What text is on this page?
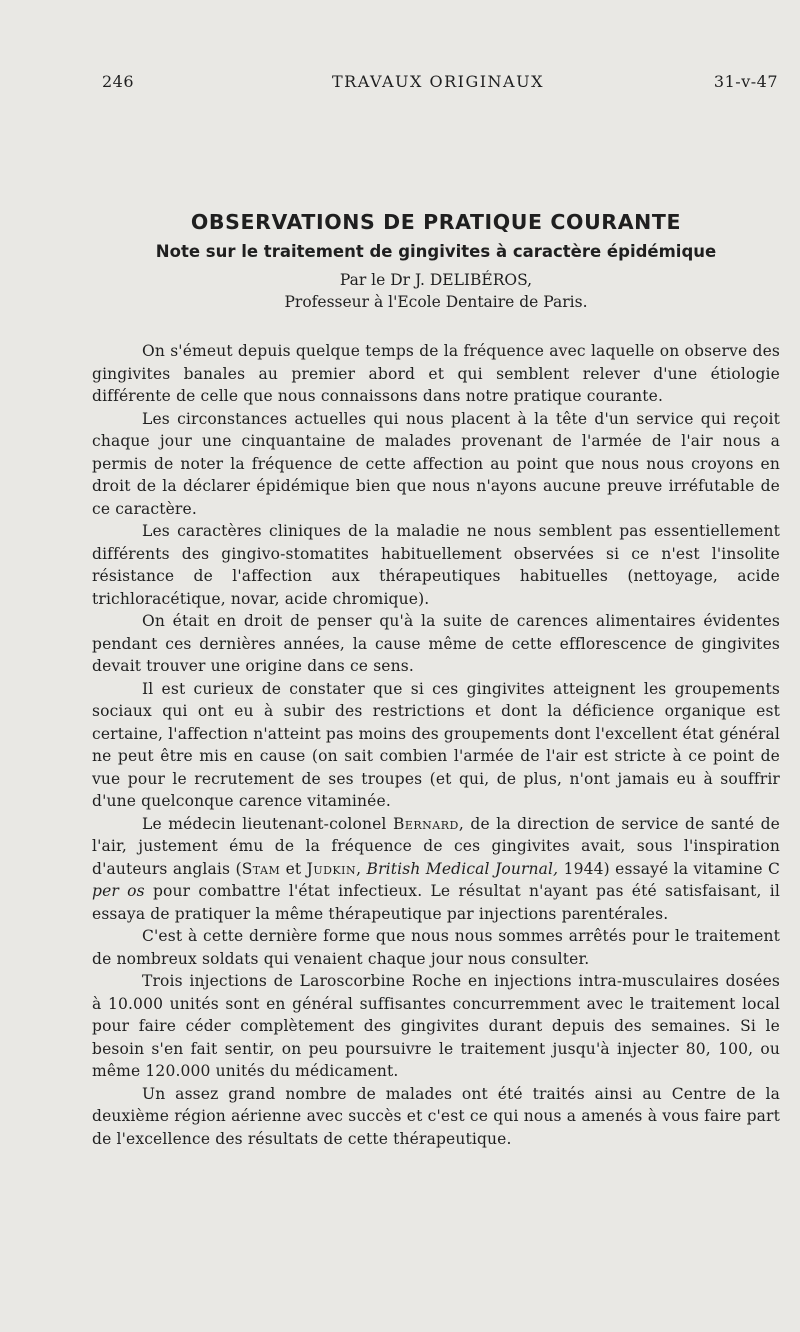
246	TRAVAUX ORIGINAUX	31-v-47
OBSERVATIONS DE PRATIQUE COURANTE
Note sur le traitement de gingivites à caractère épidémique
Par le Dr J. DELIBÉROS,
Professeur à l'Ecole Dentaire de Paris.

On s'émeut depuis quelque temps de la fréquence avec laquelle on observe des gingivites banales au premier abord et qui semblent relever d'une étiologie différente de celle que nous connaissons dans notre pratique courante.

Les circonstances actuelles qui nous placent à la tête d'un service qui reçoit chaque jour une cinquantaine de malades provenant de l'armée de l'air nous a permis de noter la fréquence de cette affection au point que nous nous croyons en droit de la déclarer épidémique bien que nous n'ayons aucune preuve irréfutable de ce caractère.

Les caractères cliniques de la maladie ne nous semblent pas essentiellement différents des gingivo-stomatites habituellement observées si ce n'est l'insolite résistance de l'affection aux thérapeutiques habituelles (nettoyage, acide trichloracétique, novar, acide chromique).

On était en droit de penser qu'à la suite de carences alimentaires évidentes pendant ces dernières années, la cause même de cette efflorescence de gingivites devait trouver une origine dans ce sens.

Il est curieux de constater que si ces gingivites atteignent les groupements sociaux qui ont eu à subir des restrictions et dont la déficience organique est certaine, l'affection n'atteint pas moins des groupements dont l'excellent état général ne peut être mis en cause (on sait combien l'armée de l'air est stricte à ce point de vue pour le recrutement de ses troupes (et qui, de plus, n'ont jamais eu à souffrir d'une quelconque carence vitaminée.

Le médecin lieutenant-colonel Bernard, de la direction de service de santé de l'air, justement ému de la fréquence de ces gingivites avait, sous l'inspiration d'auteurs anglais (Stam et Judkin, British Medical Journal, 1944) essayé la vitamine C per os pour combattre l'état infectieux. Le résultat n'ayant pas été satisfaisant, il essaya de pratiquer la même thérapeutique par injections parentérales.

C'est à cette dernière forme que nous nous sommes arrêtés pour le traitement de nombreux soldats qui venaient chaque jour nous consulter.

Trois injections de Laroscorbine Roche en injections intra-musculaires dosées à 10.000 unités sont en général suffisantes concurremment avec le traitement local pour faire céder complètement des gingivites durant depuis des semaines. Si le besoin s'en fait sentir, on peu poursuivre le traitement jusqu'à injecter 80, 100, ou même 120.000 unités du médicament.

Un assez grand nombre de malades ont été traités ainsi au Centre de la deuxième région aérienne avec succès et c'est ce qui nous a amenés à vous faire part de l'excellence des résultats de cette thérapeutique.
